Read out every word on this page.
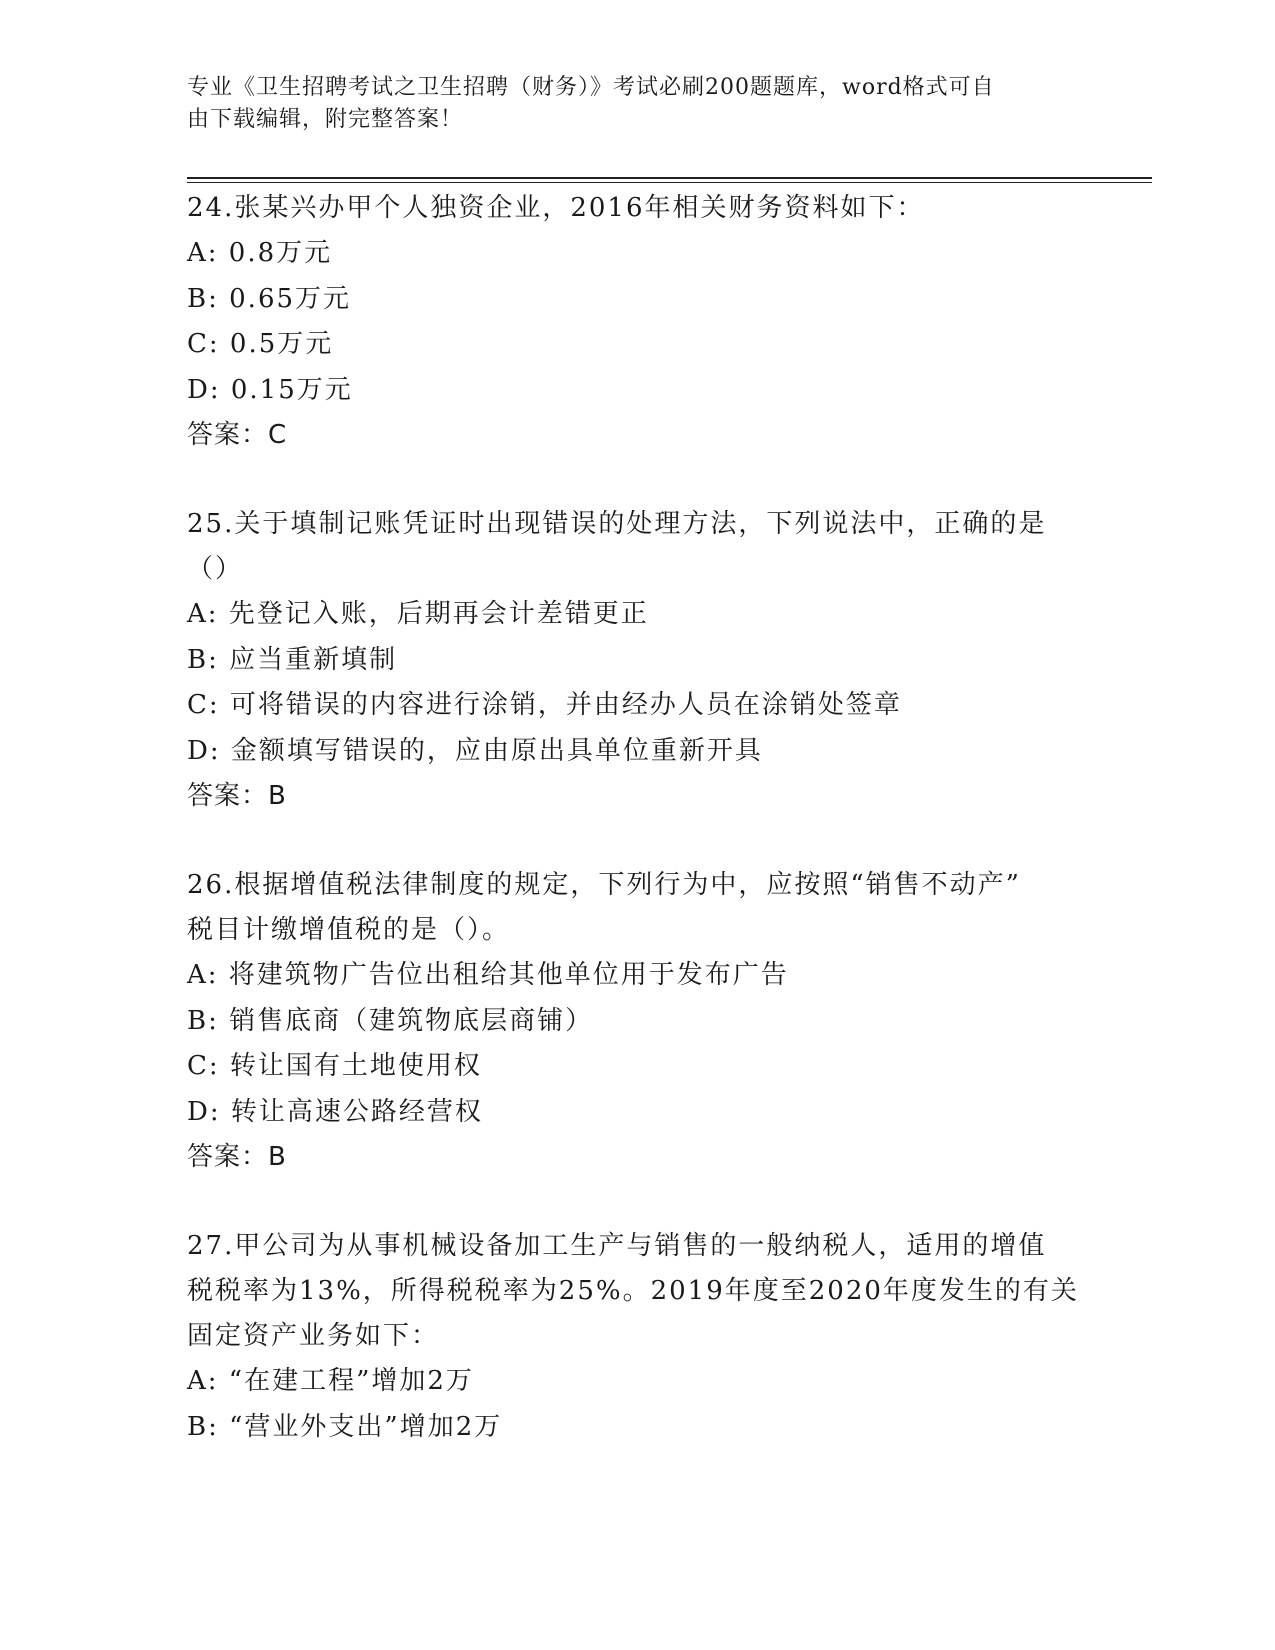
专业《卫生招聘考试之卫生招聘（财务）》考试必刷200题题库，word格式可自
由下载编辑，附完整答案！
24.张某兴办甲个人独资企业，2016年相关财务资料如下：
A: 0.8万元
B: 0.65万元
C: 0.5万元
D: 0.15万元
答案：C
25.关于填制记账凭证时出现错误的处理方法，下列说法中，正确的是
（）
A: 先登记入账，后期再会计差错更正
B: 应当重新填制
C: 可将错误的内容进行涂销，并由经办人员在涂销处签章
D: 金额填写错误的，应由原出具单位重新开具
答案：B
26.根据增值税法律制度的规定，下列行为中，应按照“销售不动产”
税目计缴增值税的是（）。
A: 将建筑物广告位出租给其他单位用于发布广告
B: 销售底商（建筑物底层商铺）
C: 转让国有土地使用权
D: 转让高速公路经营权
答案：B
27.甲公司为从事机械设备加工生产与销售的一般纳税人，适用的增值
税税率为13%，所得税税率为25%。2019年度至2020年度发生的有关
固定资产业务如下：
A: “在建工程”增加2万
B: “营业外支出”增加2万
